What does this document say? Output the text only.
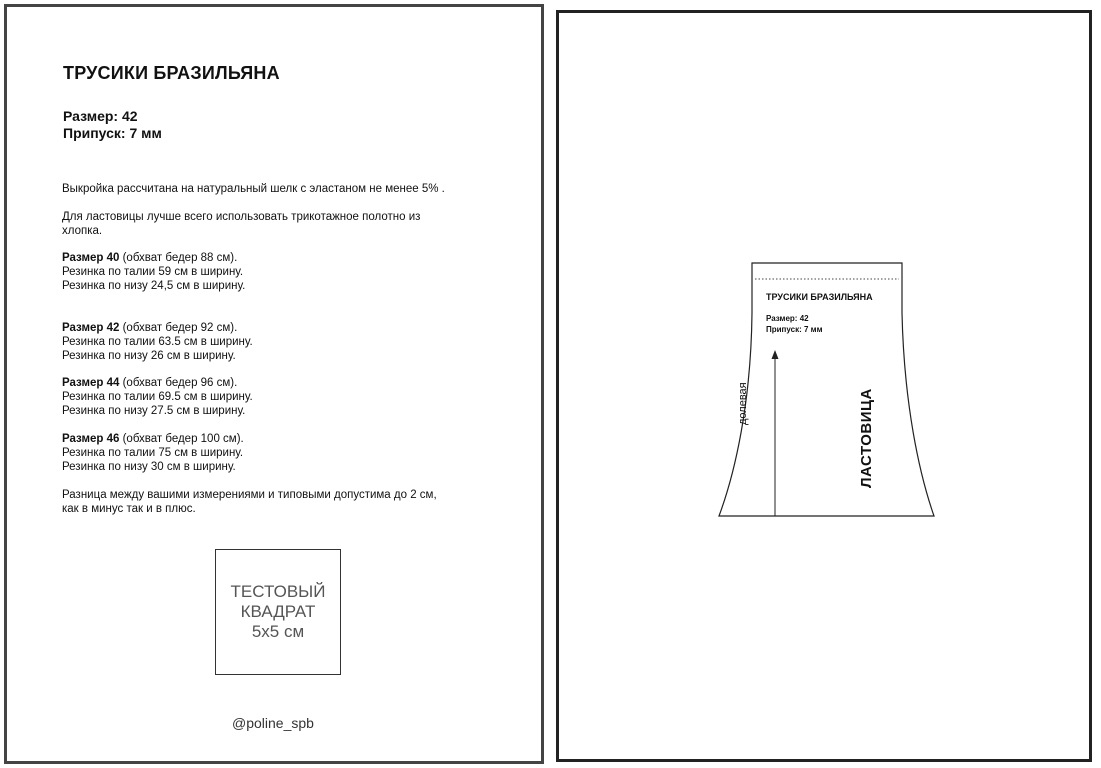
ТРУСИКИ БРАЗИЛЬЯНА
Размер: 42
Припуск: 7 мм
Выкройка рассчитана на натуральный шелк с эластаном не менее 5% .
Для ластовицы лучше всего использовать трикотажное полотно из
хлопка.
Размер 40 (обхват бедер 88 см).
Резинка по талии 59 см в ширину.
Резинка по низу 24,5 см в ширину.
Размер 42 (обхват бедер 92 см).
Резинка по талии 63.5 см в ширину.
Резинка по низу 26 см в ширину.
Размер 44 (обхват бедер 96 см).
Резинка по талии 69.5 см в ширину.
Резинка по низу 27.5 см в ширину.
Размер 46 (обхват бедер 100 см).
Резинка по талии 75 см в ширину.
Резинка по низу 30 см в ширину.
Разница между вашими измерениями и типовыми допустима до 2 см,
как в минус так и в плюс.
ТЕСТОВЫЙ
КВАДРАТ
5x5 см
@poline_spb
ТРУСИКИ БРАЗИЛЬЯНА
Размер: 42
Припуск: 7 мм
долевая	ЛАСТОВИЦА
